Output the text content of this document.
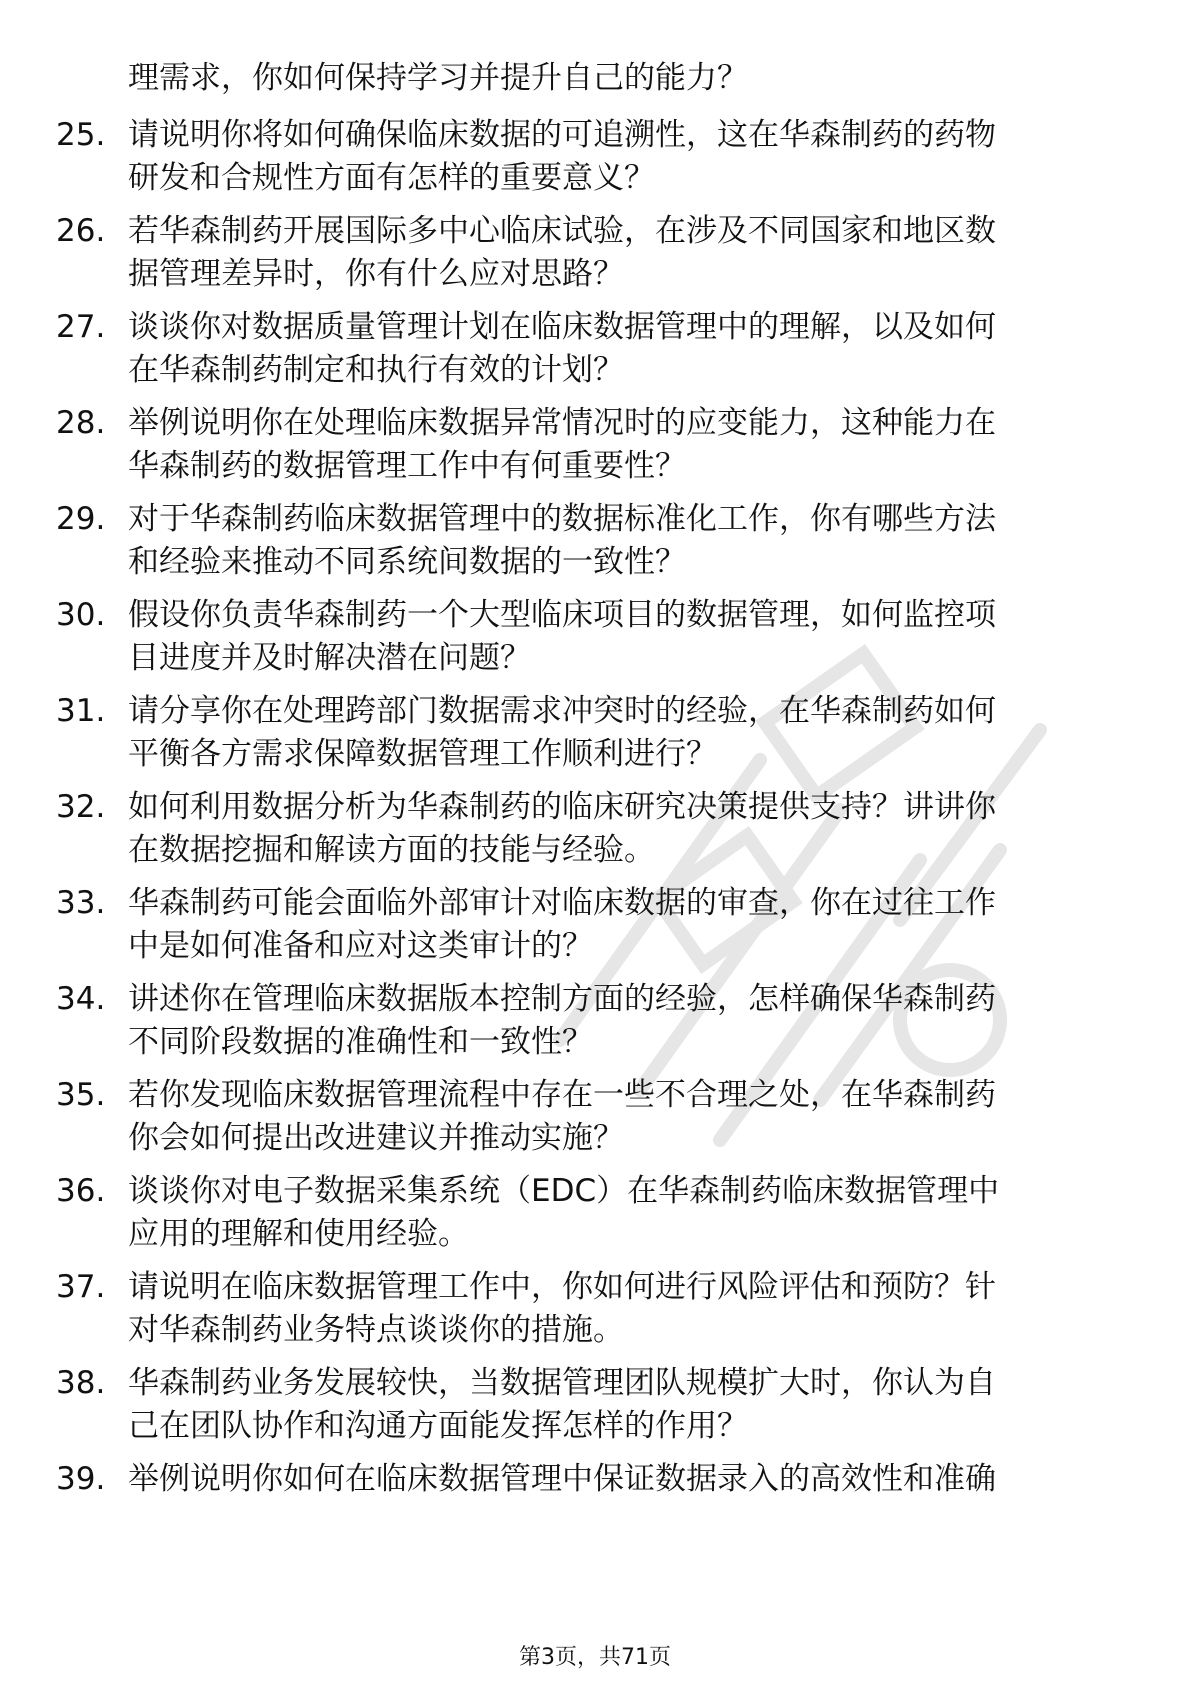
理需求，你如何保持学习并提升自己的能力？
25. 请说明你将如何确保临床数据的可追溯性，这在华森制药的药物
研发和合规性方面有怎样的重要意义？
26. 若华森制药开展国际多中心临床试验，在涉及不同国家和地区数
据管理差异时，你有什么应对思路？
27. 谈谈你对数据质量管理计划在临床数据管理中的理解，以及如何
在华森制药制定和执行有效的计划？
28. 举例说明你在处理临床数据异常情况时的应变能力，这种能力在
华森制药的数据管理工作中有何重要性？
29. 对于华森制药临床数据管理中的数据标准化工作，你有哪些方法
和经验来推动不同系统间数据的一致性？
30. 假设你负责华森制药一个大型临床项目的数据管理，如何监控项
目进度并及时解决潜在问题？
31. 请分享你在处理跨部门数据需求冲突时的经验，在华森制药如何
平衡各方需求保障数据管理工作顺利进行？
32. 如何利用数据分析为华森制药的临床研究决策提供支持？讲讲你
在数据挖掘和解读方面的技能与经验。
33. 华森制药可能会面临外部审计对临床数据的审查，你在过往工作
中是如何准备和应对这类审计的？
34. 讲述你在管理临床数据版本控制方面的经验，怎样确保华森制药
不同阶段数据的准确性和一致性？
35. 若你发现临床数据管理流程中存在一些不合理之处，在华森制药
你会如何提出改进建议并推动实施？
36. 谈谈你对电子数据采集系统（EDC）在华森制药临床数据管理中
应用的理解和使用经验。
37. 请说明在临床数据管理工作中，你如何进行风险评估和预防？针
对华森制药业务特点谈谈你的措施。
38. 华森制药业务发展较快，当数据管理团队规模扩大时，你认为自
己在团队协作和沟通方面能发挥怎样的作用？
39. 举例说明你如何在临床数据管理中保证数据录入的高效性和准确
第3页，共71页
